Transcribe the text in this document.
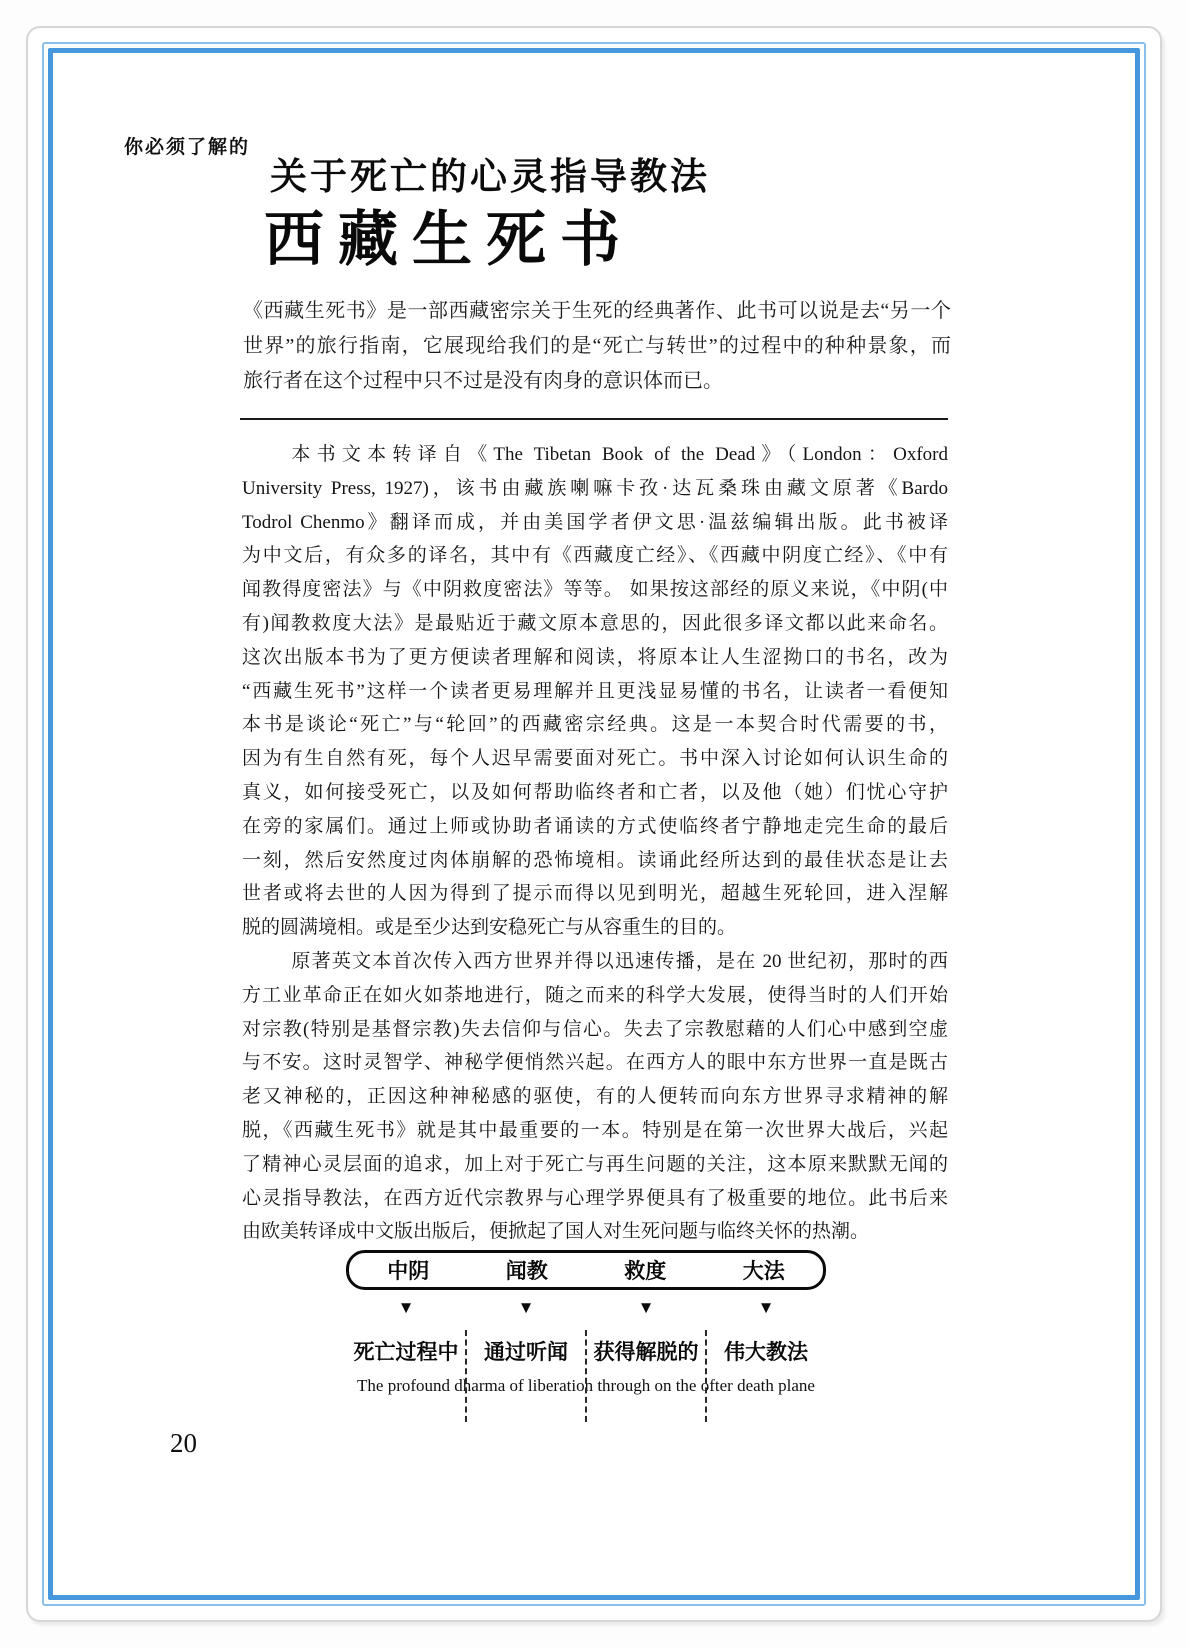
你必须了解的
关于死亡的心灵指导教法
西藏生死书
《西藏生死书》是一部西藏密宗关于生死的经典著作、此书可以说是去“另一个
世界”的旅行指南，它展现给我们的是“死亡与转世”的过程中的种种景象，而
旅行者在这个过程中只不过是没有肉身的意识体而已。
本书文本转译自《The Tibetan Book of the Dead》（London：Oxford
University Press, 1927)，该书由藏族喇嘛卡孜·达瓦桑珠由藏文原著《Bardo
Todrol Chenmo》翻译而成，并由美国学者伊文思·温兹编辑出版。此书被译
为中文后，有众多的译名，其中有《西藏度亡经》、《西藏中阴度亡经》、《中有
闻教得度密法》与《中阴救度密法》等等。 如果按这部经的原义来说，《中阴(中
有)闻教救度大法》是最贴近于藏文原本意思的，因此很多译文都以此来命名。
这次出版本书为了更方便读者理解和阅读，将原本让人生涩拗口的书名，改为
“西藏生死书”这样一个读者更易理解并且更浅显易懂的书名，让读者一看便知
本书是谈论“死亡”与“轮回”的西藏密宗经典。这是一本契合时代需要的书，
因为有生自然有死，每个人迟早需要面对死亡。书中深入讨论如何认识生命的
真义，如何接受死亡，以及如何帮助临终者和亡者，以及他（她）们忧心守护
在旁的家属们。通过上师或协助者诵读的方式使临终者宁静地走完生命的最后
一刻，然后安然度过肉体崩解的恐怖境相。读诵此经所达到的最佳状态是让去
世者或将去世的人因为得到了提示而得以见到明光，超越生死轮回，进入涅解
脱的圆满境相。或是至少达到安稳死亡与从容重生的目的。
原著英文本首次传入西方世界并得以迅速传播，是在 20 世纪初，那时的西
方工业革命正在如火如荼地进行，随之而来的科学大发展，使得当时的人们开始
对宗教(特别是基督宗教)失去信仰与信心。失去了宗教慰藉的人们心中感到空虚
与不安。这时灵智学、神秘学便悄然兴起。在西方人的眼中东方世界一直是既古
老又神秘的，正因这种神秘感的驱使，有的人便转而向东方世界寻求精神的解
脱，《西藏生死书》就是其中最重要的一本。特别是在第一次世界大战后，兴起
了精神心灵层面的追求，加上对于死亡与再生问题的关注，这本原来默默无闻的
心灵指导教法，在西方近代宗教界与心理学界便具有了极重要的地位。此书后来
由欧美转译成中文版出版后，便掀起了国人对生死问题与临终关怀的热潮。
中阴	闻教	救度	大法
▼	▼	▼	▼
死亡过程中	通过听闻	获得解脱的	伟大教法
The profound dharma of liberation through on the ofter death plane
20
